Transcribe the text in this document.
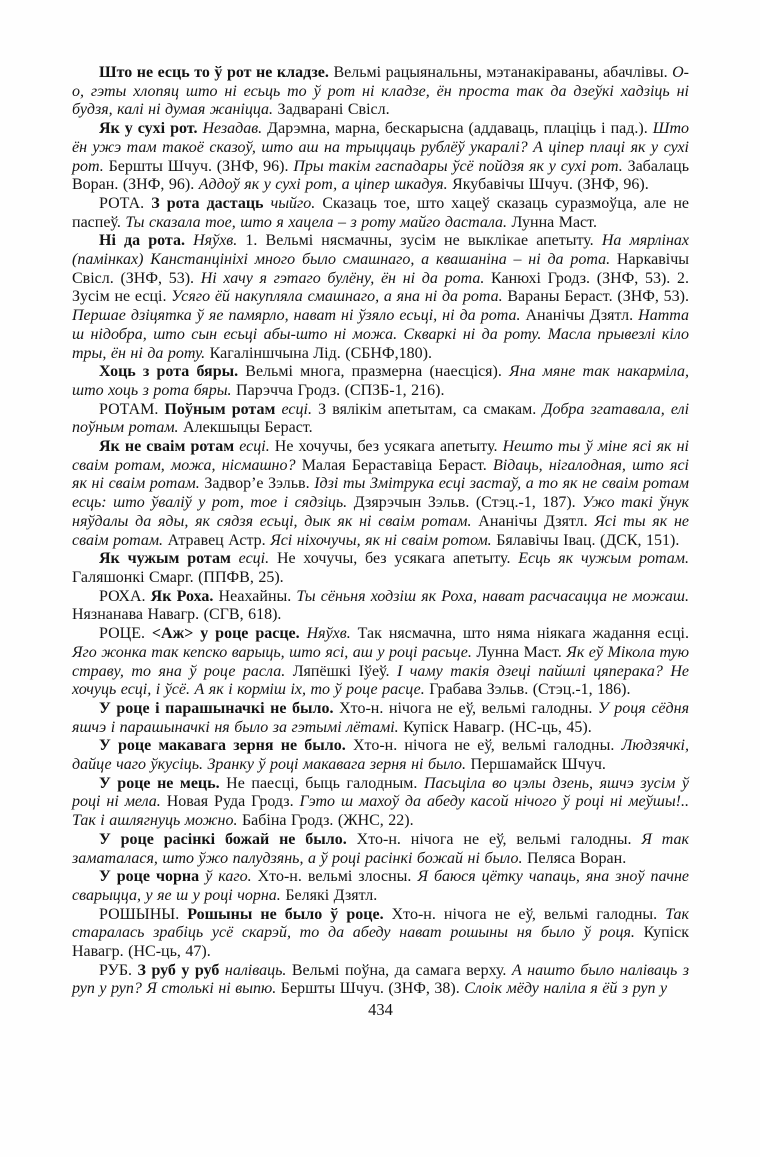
Што не есць то ў рот не кладзе. Вельмі рацыянальны, мэтанакіраваны, абачлівы. О-о, гэты хлопяц што ні есьць то ў рот ні кладзе, ён проста так да дзеўкі хадзіць ні будзя, калі ні думая жаніцца. Задварані Свісл.

Як у сухі рот. Незадав. Дарэмна, марна, бескарысна (аддаваць, плаціць і пад.). Што ён ужэ там такоё сказоў, што аш на трыццаць рублёў укаралі? А ціпер плаці як у сухі рот. Бершты Шчуч. (ЗНФ, 96). Пры такім гаспадары ўсё пойдзя як у сухі рот. Забалаць Воран. (ЗНФ, 96). Аддоў як у сухі рот, а ціпер шкадуя. Якубавічы Шчуч. (ЗНФ, 96).

РОТА. З рота дастаць чыйго. Сказаць тое, што хацеў сказаць суразмоўца, але не паспеў. Ты сказала тое, што я хацела – з роту майго дастала. Лунна Маст.

Ні да рота. Няўхв. 1. Вельмі нясмачны, зусім не выклікае апетыту. На мярлінах (памінках) Канстанцініхі много было смашнаго, а квашаніна – ні да рота. Наркавічы Свісл. (ЗНФ, 53). Ні хачу я гэтаго булёну, ён ні да рота. Канюхі Гродз. (ЗНФ, 53). 2. Зусім не есці. Усяго ёй накупляла смашнаго, а яна ні да рота. Вараны Бераст. (ЗНФ, 53). Першае дзіцятка ў яе памярло, нават ні ўзяло есьці, ні да рота. Ананічы Дзятл. Натта ш нідобра, што сын есьці абы-што ні можа. Скваркі ні да роту. Масла прывезлі кіло тры, ён ні да роту. Кагаліншчына Лід. (СБНФ,180).

Хоць з рота бяры. Вельмі многа, празмерна (наесціся). Яна мяне так накарміла, што хоць з рота бяры. Парэчча Гродз. (СПЗБ-1, 216).

РОТАМ. Поўным ротам есці. З вялікім апетытам, са смакам. Добра згатавала, елі поўным ротам. Алекшыцы Бераст.

Як не сваім ротам есці. Не хочучы, без усякага апетыту. Нешто ты ў міне ясі як ні сваім ротам, можа, нісмашно? Малая Бераставіца Бераст. Відаць, нігалодная, што ясі як ні сваім ротам. Задвор’е Зэльв. Ідзі ты Змітрука есці застаў, а то як не сваім ротам есць: што ўваліў у рот, тое і сядзіць. Дзярэчын Зэльв. (Стэц.-1, 187). Ужо такі ўнук няўдалы да яды, як сядзя есьці, дык як ні сваім ротам. Ананічы Дзятл. Ясі ты як не сваім ротам. Атравец Астр. Ясі ніхочучы, як ні сваім ротом. Бялавічы Івац. (ДСК, 151).

Як чужым ротам есці. Не хочучы, без усякага апетыту. Есць як чужым ротам. Галяшонкі Смарг. (ППФВ, 25).

РОХА. Як Роха. Неахайны. Ты сёньня ходзіш як Роха, нават расчасацца не можаш. Нязнанава Навагр. (СГВ, 618).

РОЦЕ. <Аж> у роце расце. Няўхв. Так нясмачна, што няма ніякага жадання есці. Яго жонка так кепско варыць, што ясі, аш у році расьце. Лунна Маст. Як еў Мікола тую страву, то яна ў роце расла. Ляпёшкі Іўеў. І чаму такія дзеці пайшлі цяперака? Не хочуць есці, і ўсё. А як і корміш іх, то ў роце расце. Грабава Зэльв. (Стэц.-1, 186).

У роце і парашыначкі не было. Хто-н. нічога не еў, вельмі галодны. У роця сёдня яшчэ і парашыначкі ня было за гэтымі лётамі. Купіск Навагр. (НС-ць, 45).

У роце макавага зерня не было. Хто-н. нічога не еў, вельмі галодны. Людзячкі, дайце чаго ўкусіць. Зранку ў році макавага зерня ні было. Першамайск Шчуч.

У роце не мець. Не паесці, быць галодным. Пасьціла во цэлы дзень, яшчэ зусім ў році ні мела. Новая Руда Гродз. Гэто ш махоў да абеду касой нічого ў році ні меўшы!.. Так і ашлягнуць можно. Бабіна Гродз. (ЖНС, 22).

У роце расінкі божай не было. Хто-н. нічога не еў, вельмі галодны. Я так заматалася, што ўжо палудзянь, а ў році расінкі божай ні было. Пеляса Воран.

У роце чорна ў каго. Хто-н. вельмі злосны. Я баюся цётку чапаць, яна зноў пачне сварыцца, у яе ш у році чорна. Белякі Дзятл.

РОШЫНЫ. Рошыны не было ў роце. Хто-н. нічога не еў, вельмі галодны. Так старалась зрабіць усё скарэй, то да абеду нават рошыны ня было ў роця. Купіск Навагр. (НС-ць, 47).

РУБ. З руб у руб наліваць. Вельмі поўна, да самага верху. А нашто было наліваць з руп у руп? Я столькі ні выпю. Бершты Шчуч. (ЗНФ, 38). Слоік мёду наліла я ёй з руп у

434
